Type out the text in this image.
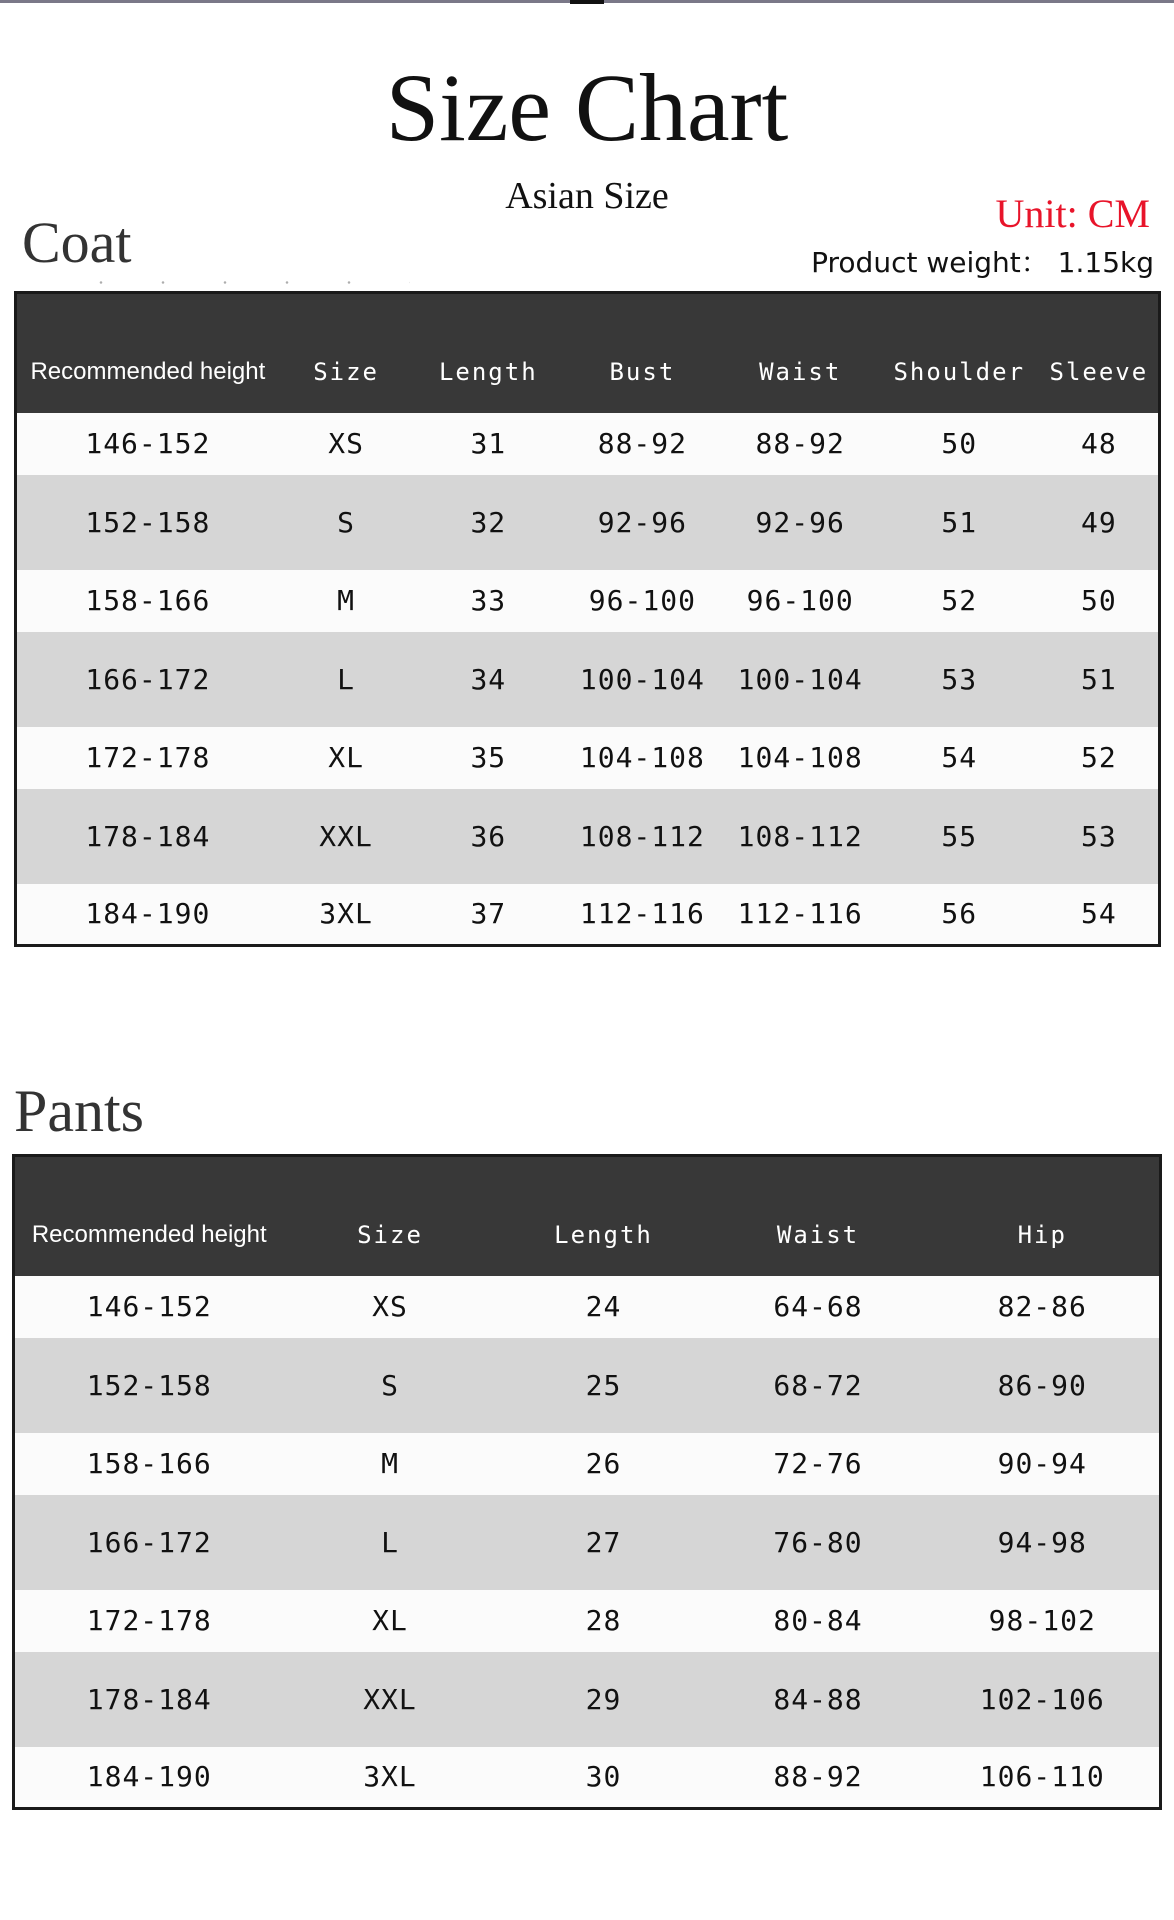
Size Chart
Asian Size	Unit: CM
Product weight： 1.15kg
Coat
Recommended height	Size	Length	Bust	Waist	Shoulder	Sleeve
146-152	XS	31	88-92	88-92	50	48
152-158	S	32	92-96	92-96	51	49
158-166	M	33	96-100	96-100	52	50
166-172	L	34	100-104	100-104	53	51
172-178	XL	35	104-108	104-108	54	52
178-184	XXL	36	108-112	108-112	55	53
184-190	3XL	37	112-116	112-116	56	54
Pants
Recommended height	Size	Length	Waist	Hip
146-152	XS	24	64-68	82-86
152-158	S	25	68-72	86-90
158-166	M	26	72-76	90-94
166-172	L	27	76-80	94-98
172-178	XL	28	80-84	98-102
178-184	XXL	29	84-88	102-106
184-190	3XL	30	88-92	106-110
